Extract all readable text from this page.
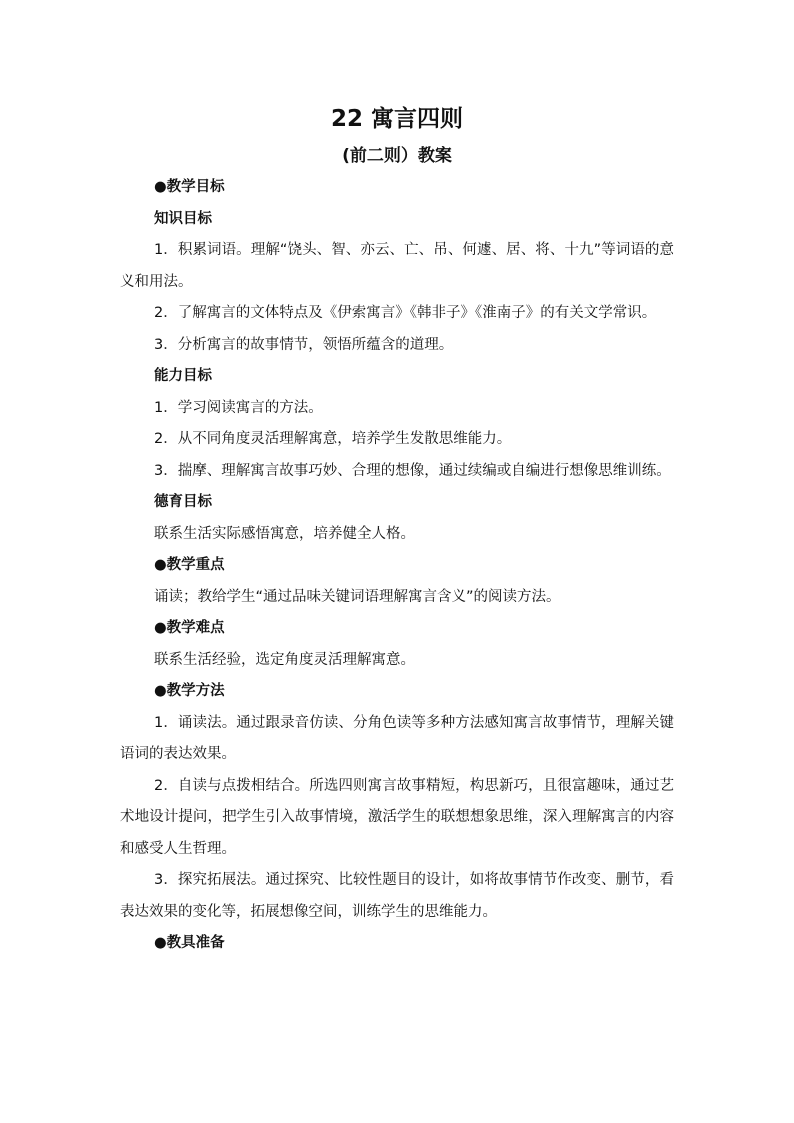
22 寓言四则
(前二则）教案

●教学目标

知识目标

1．积累词语。理解“饶头、智、亦云、亡、吊、何遽、居、将、十九”等词语的意义和用法。

2．了解寓言的文体特点及《伊索寓言》《韩非子》《淮南子》的有关文学常识。

3．分析寓言的故事情节，领悟所蕴含的道理。

能力目标

1．学习阅读寓言的方法。

2．从不同角度灵活理解寓意，培养学生发散思维能力。

3．揣摩、理解寓言故事巧妙、合理的想像，通过续编或自编进行想像思维训练。

德育目标

联系生活实际感悟寓意，培养健全人格。

●教学重点

诵读；教给学生“通过品味关键词语理解寓言含义”的阅读方法。

●教学难点

联系生活经验，选定角度灵活理解寓意。

●教学方法

1．诵读法。通过跟录音仿读、分角色读等多种方法感知寓言故事情节，理解关键语词的表达效果。

2．自读与点拨相结合。所选四则寓言故事精短，构思新巧，且很富趣味，通过艺术地设计提问，把学生引入故事情境，激活学生的联想想象思维，深入理解寓言的内容和感受人生哲理。

3．探究拓展法。通过探究、比较性题目的设计，如将故事情节作改变、删节，看表达效果的变化等，拓展想像空间，训练学生的思维能力。

●教具准备
